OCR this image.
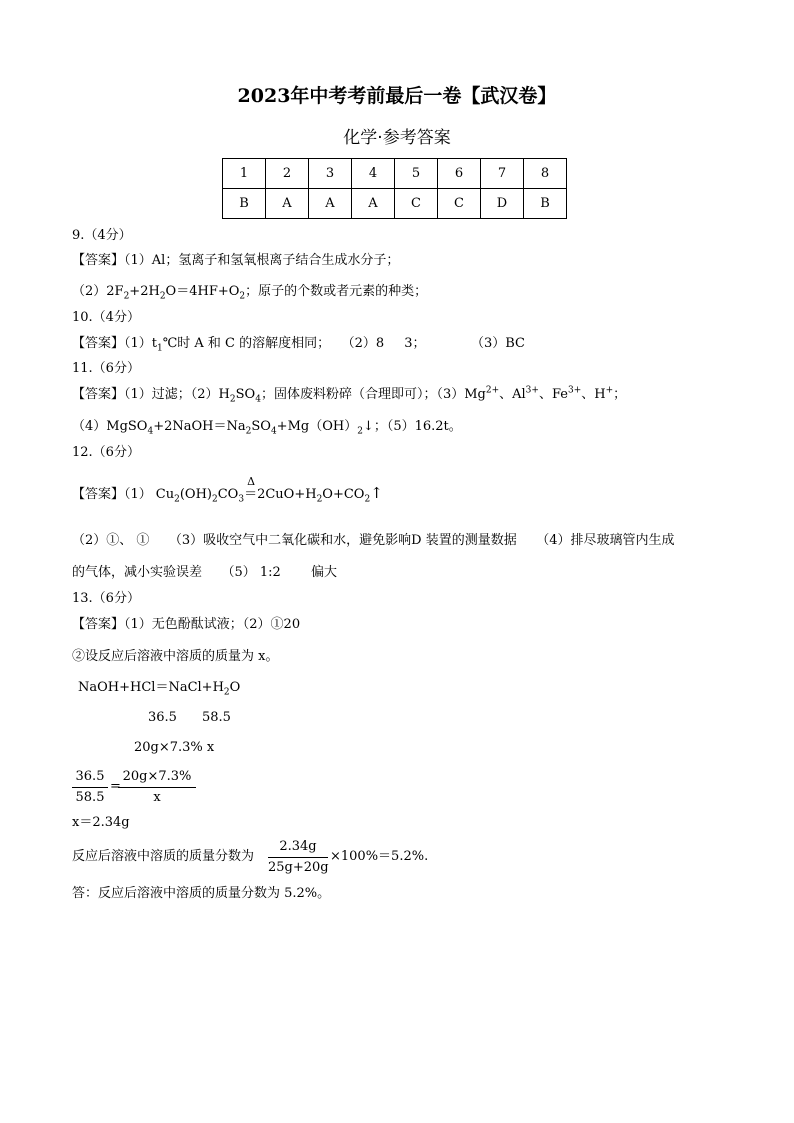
2023年中考考前最后一卷【武汉卷】
化学·参考答案
1	2	3	4	5	6	7	8
B	A	A	A	C	C	D	B
9.（4分）
【答案】（1）Al；氢离子和氢氧根离子结合生成水分子；
$(2)2F_2+2H_2O=4HF+O_2$；原子的个数或者元素的种类；
10.（4分）
【答案】$(1)t_1℃$时 A 和 C 的溶解度相同； （2）8 3；	（3）BC
11.（6分）
【答案】（1）过滤；$(2)H_2SO_4$；固体废料粉碎（合理即可）；$(3)Mg^{2+}$、$Al^{3+}$、$Fe^{3+}$、H+；
$(4)MgSO_4+2NaOH=Na_2SO_4+Mg(OH)_2↓$；（5）16.2t。
12.（6分）
【答案】（1） $Cu_2(OH)_2CO_3$
Δ
$=2CuO+H_2O+CO_2↑$
（2）①、 ①　　（3）吸收空气中二氧化碳和水，避免影响D 装置的测量数据　　（4）排尽玻璃管内生成
的气体，减小实验误差　　（5） 1:2　　 偏大
13.（6分）
【答案】（1）无色酚酞试液；（2）①20
②设反应后溶液中溶质的质量为 x。
$NaOH+HCl=NaCl+H_2O$
36.5 58.5
20g×7.3% x
36.5
58.5
=
20g×7.3%
x
x＝2.34g
反应后溶液中溶质的质量分数为
2.34g
25g+20g
×100%＝5.2%.
答：反应后溶液中溶质的质量分数为 5.2%。
